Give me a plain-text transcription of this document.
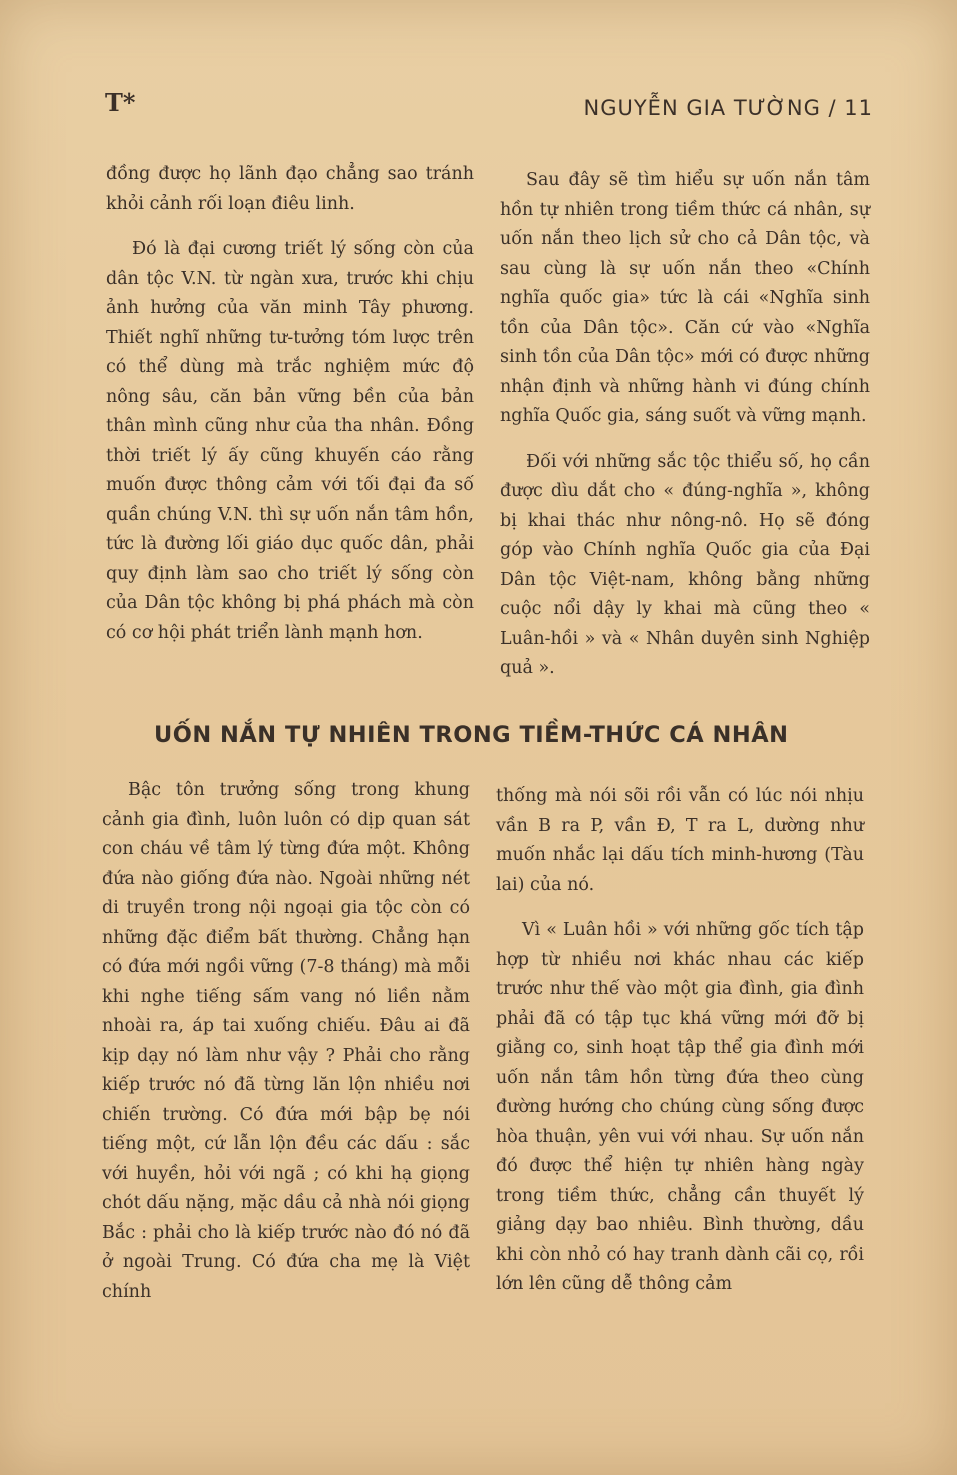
T*	NGUYỄN GIA TƯỜNG / 11

đồng được họ lãnh đạo chẳng sao tránh khỏi cảnh rối loạn điêu linh.

Đó là đại cương triết lý sống còn của dân tộc V.N. từ ngàn xưa, trước khi chịu ảnh hưởng của văn minh Tây phương. Thiết nghĩ những tư-tưởng tóm lược trên có thể dùng mà trắc nghiệm mức độ nông sâu, căn bản vững bền của bản thân mình cũng như của tha nhân. Đồng thời triết lý ấy cũng khuyến cáo rằng muốn được thông cảm với tối đại đa số quần chúng V.N. thì sự uốn nắn tâm hồn, tức là đường lối giáo dục quốc dân, phải quy định làm sao cho triết lý sống còn của Dân tộc không bị phá phách mà còn có cơ hội phát triển lành mạnh hơn.

Sau đây sẽ tìm hiểu sự uốn nắn tâm hồn tự nhiên trong tiềm thức cá nhân, sự uốn nắn theo lịch sử cho cả Dân tộc, và sau cùng là sự uốn nắn theo «Chính nghĩa quốc gia» tức là cái «Nghĩa sinh tồn của Dân tộc». Căn cứ vào «Nghĩa sinh tồn của Dân tộc» mới có được những nhận định và những hành vi đúng chính nghĩa Quốc gia, sáng suốt và vững mạnh.

Đối với những sắc tộc thiểu số, họ cần được dìu dắt cho « đúng-nghĩa », không bị khai thác như nông-nô. Họ sẽ đóng góp vào Chính nghĩa Quốc gia của Đại Dân tộc Việt-nam, không bằng những cuộc nổi dậy ly khai mà cũng theo « Luân-hồi » và « Nhân duyên sinh Nghiệp quả ».

UỐN NẮN TỰ NHIÊN TRONG TIỀM-THỨC CÁ NHÂN

Bậc tôn trưởng sống trong khung cảnh gia đình, luôn luôn có dịp quan sát con cháu về tâm lý từng đứa một. Không đứa nào giống đứa nào. Ngoài những nét di truyền trong nội ngoại gia tộc còn có những đặc điểm bất thường. Chẳng hạn có đứa mới ngồi vững (7-8 tháng) mà mỗi khi nghe tiếng sấm vang nó liền nằm nhoài ra, áp tai xuống chiếu. Đâu ai đã kịp dạy nó làm như vậy ? Phải cho rằng kiếp trước nó đã từng lăn lộn nhiều nơi chiến trường. Có đứa mới bập bẹ nói tiếng một, cứ lẫn lộn đều các dấu : sắc với huyền, hỏi với ngã ; có khi hạ giọng chót dấu nặng, mặc dầu cả nhà nói giọng Bắc : phải cho là kiếp trước nào đó nó đã ở ngoài Trung. Có đứa cha mẹ là Việt chính

thống mà nói sõi rồi vẫn có lúc nói nhịu vần B ra P, vần Đ, T ra L, dường như muốn nhắc lại dấu tích minh-hương (Tàu lai) của nó.

Vì « Luân hồi » với những gốc tích tập hợp từ nhiều nơi khác nhau các kiếp trước như thế vào một gia đình, gia đình phải đã có tập tục khá vững mới đỡ bị giằng co, sinh hoạt tập thể gia đình mới uốn nắn tâm hồn từng đứa theo cùng đường hướng cho chúng cùng sống được hòa thuận, yên vui với nhau. Sự uốn nắn đó được thể hiện tự nhiên hàng ngày trong tiềm thức, chẳng cần thuyết lý giảng dạy bao nhiêu. Bình thường, dầu khi còn nhỏ có hay tranh dành cãi cọ, rồi lớn lên cũng dễ thông cảm
